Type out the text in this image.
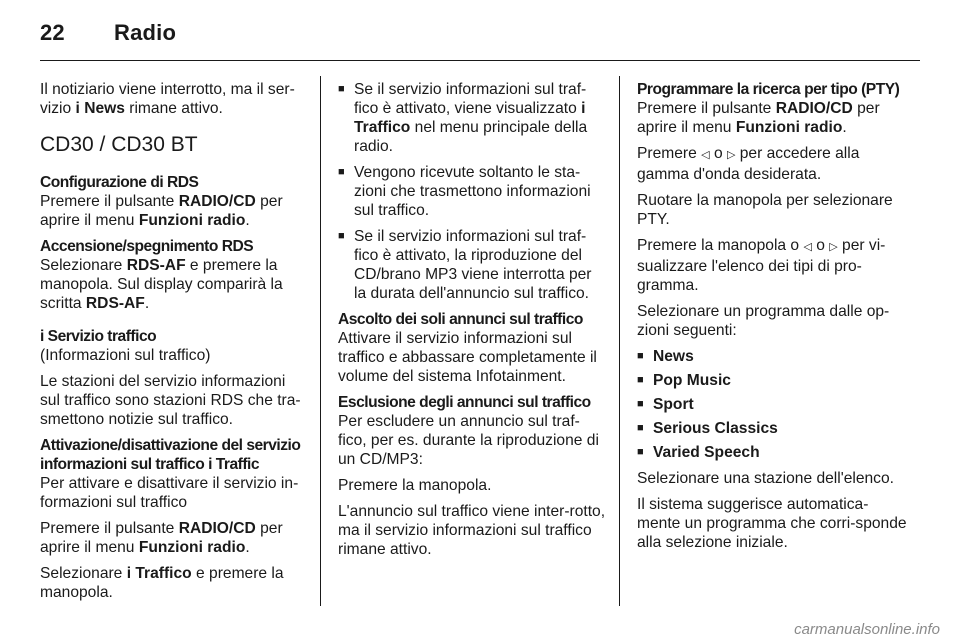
22 Radio

Il notiziario viene interrotto, ma il ser-vizio i News rimane attivo.

CD30 / CD30 BT

Configurazione di RDS

Premere il pulsante RADIO/CD per aprire il menu Funzioni radio.

Accensione/spegnimento RDS

Selezionare RDS-AF e premere la manopola. Sul display comparirà la scritta RDS-AF.

i Servizio traffico

(Informazioni sul traffico)

Le stazioni del servizio informazioni sul traffico sono stazioni RDS che tra-smettono notizie sul traffico.

Attivazione/disattivazione del servizio informazioni sul traffico i Traffic

Per attivare e disattivare il servizio in-formazioni sul traffico

Premere il pulsante RADIO/CD per aprire il menu Funzioni radio.

Selezionare i Traffico e premere la manopola.

■ Se il servizio informazioni sul traf-fico è attivato, viene visualizzato i Traffico nel menu principale della radio.
■ Vengono ricevute soltanto le sta-zioni che trasmettono informazioni sul traffico.
■ Se il servizio informazioni sul traf-fico è attivato, la riproduzione del CD/brano MP3 viene interrotta per la durata dell'annuncio sul traffico.

Ascolto dei soli annunci sul traffico

Attivare il servizio informazioni sul traffico e abbassare completamente il volume del sistema Infotainment.

Esclusione degli annunci sul traffico

Per escludere un annuncio sul traf-fico, per es. durante la riproduzione di un CD/MP3:

Premere la manopola.

L'annuncio sul traffico viene inter-rotto, ma il servizio informazioni sul traffico rimane attivo.

Programmare la ricerca per tipo (PTY)

Premere il pulsante RADIO/CD per aprire il menu Funzioni radio.

Premere ◁ o ▷ per accedere alla gamma d'onda desiderata.

Ruotare la manopola per selezionare PTY.

Premere la manopola o ◁ o ▷ per vi-sualizzare l'elenco dei tipi di pro-gramma.

Selezionare un programma dalle op-zioni seguenti:

■ News
■ Pop Music
■ Sport
■ Serious Classics
■ Varied Speech

Selezionare una stazione dell'elenco.

Il sistema suggerisce automatica-mente un programma che corri-sponde alla selezione iniziale.

carmanualsonline.info
